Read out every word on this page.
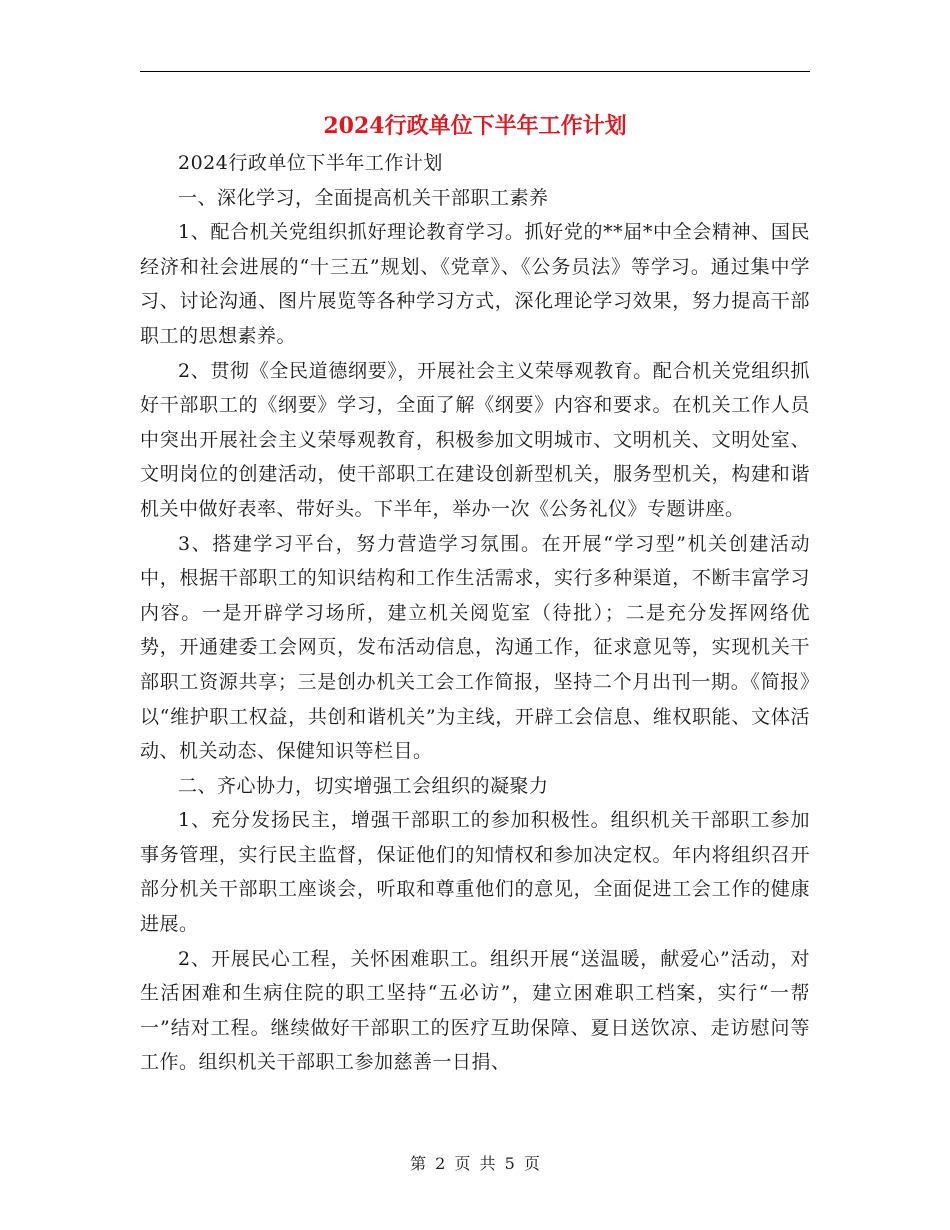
2024行政单位下半年工作计划

2024行政单位下半年工作计划

一、深化学习，全面提高机关干部职工素养

1、配合机关党组织抓好理论教育学习。抓好党的**届*中全会精神、国民经济和社会进展的“十三五”规划、《党章》、《公务员法》等学习。通过集中学习、讨论沟通、图片展览等各种学习方式，深化理论学习效果，努力提高干部职工的思想素养。

2、贯彻《全民道德纲要》，开展社会主义荣辱观教育。配合机关党组织抓好干部职工的《纲要》学习，全面了解《纲要》内容和要求。在机关工作人员中突出开展社会主义荣辱观教育，积极参加文明城市、文明机关、文明处室、文明岗位的创建活动，使干部职工在建设创新型机关，服务型机关，构建和谐机关中做好表率、带好头。下半年，举办一次《公务礼仪》专题讲座。

3、搭建学习平台，努力营造学习氛围。在开展“学习型”机关创建活动中，根据干部职工的知识结构和工作生活需求，实行多种渠道，不断丰富学习内容。一是开辟学习场所，建立机关阅览室（待批）；二是充分发挥网络优势，开通建委工会网页，发布活动信息，沟通工作，征求意见等，实现机关干部职工资源共享；三是创办机关工会工作简报，坚持二个月出刊一期。《简报》以“维护职工权益，共创和谐机关”为主线，开辟工会信息、维权职能、文体活动、机关动态、保健知识等栏目。

二、齐心协力，切实增强工会组织的凝聚力

1、充分发扬民主，增强干部职工的参加积极性。组织机关干部职工参加事务管理，实行民主监督，保证他们的知情权和参加决定权。年内将组织召开部分机关干部职工座谈会，听取和尊重他们的意见，全面促进工会工作的健康进展。

2、开展民心工程，关怀困难职工。组织开展“送温暖，献爱心”活动，对生活困难和生病住院的职工坚持“五必访”，建立困难职工档案，实行“一帮一”结对工程。继续做好干部职工的医疗互助保障、夏日送饮凉、走访慰问等工作。组织机关干部职工参加慈善一日捐、

第 2 页 共 5 页
